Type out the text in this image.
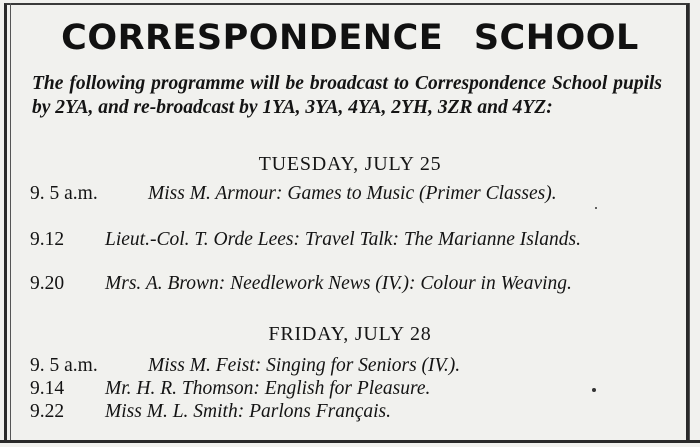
CORRESPONDENCE SCHOOL
The following programme will be broadcast to Correspondence School pupils by 2YA, and re-broadcast by 1YA, 3YA, 4YA, 2YH, 3ZR and 4YZ:
TUESDAY, JULY 25
9. 5 a.m.	Miss M. Armour: Games to Music (Primer Classes).
9.12 Lieut.-Col. T. Orde Lees: Travel Talk: The Marianne Islands.
9.20 Mrs. A. Brown: Needlework News (IV.): Colour in Weaving.
FRIDAY, JULY 28
9. 5 a.m.	Miss M. Feist: Singing for Seniors (IV.).
9.14 Mr. H. R. Thomson: English for Pleasure.
9.22 Miss M. L. Smith: Parlons Français.
